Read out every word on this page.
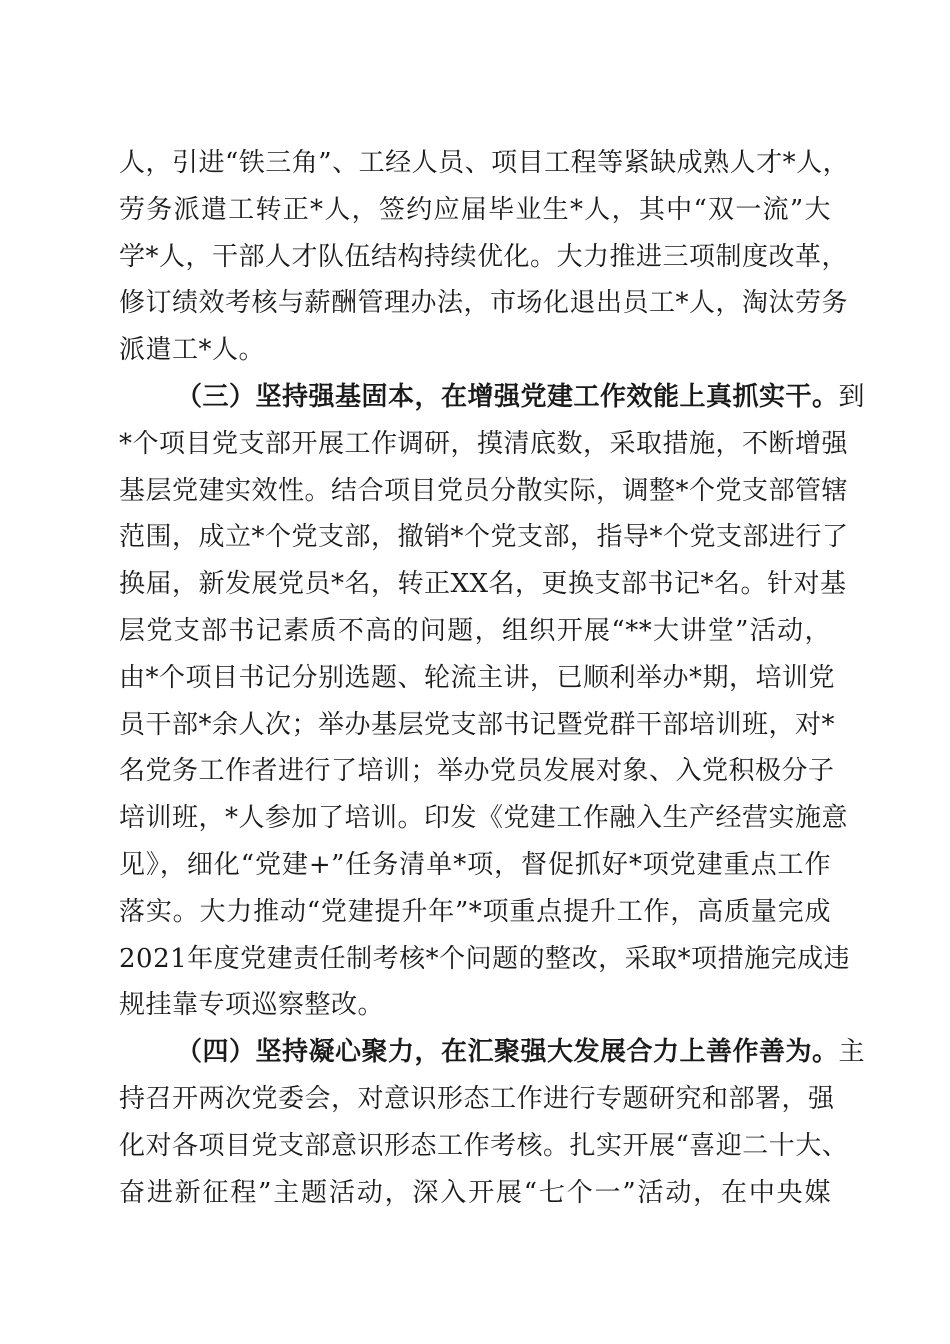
人，引进“铁三角”、工经人员、项目工程等紧缺成熟人才*人，
劳务派遣工转正*人，签约应届毕业生*人，其中“双一流”大
学*人，干部人才队伍结构持续优化。大力推进三项制度改革，
修订绩效考核与薪酬管理办法，市场化退出员工*人，淘汰劳务
派遣工*人。
（三）坚持强基固本，在增强党建工作效能上真抓实干。到
*个项目党支部开展工作调研，摸清底数，采取措施，不断增强
基层党建实效性。结合项目党员分散实际，调整*个党支部管辖
范围，成立*个党支部，撤销*个党支部，指导*个党支部进行了
换届，新发展党员*名，转正XX名，更换支部书记*名。针对基
层党支部书记素质不高的问题，组织开展“**大讲堂”活动，
由*个项目书记分别选题、轮流主讲，已顺利举办*期，培训党
员干部*余人次；举办基层党支部书记暨党群干部培训班，对*
名党务工作者进行了培训；举办党员发展对象、入党积极分子
培训班，*人参加了培训。印发《党建工作融入生产经营实施意
见》，细化“党建+”任务清单*项，督促抓好*项党建重点工作
落实。大力推动“党建提升年”*项重点提升工作，高质量完成
2021年度党建责任制考核*个问题的整改，采取*项措施完成违
规挂靠专项巡察整改。
（四）坚持凝心聚力，在汇聚强大发展合力上善作善为。主
持召开两次党委会，对意识形态工作进行专题研究和部署，强
化对各项目党支部意识形态工作考核。扎实开展“喜迎二十大、
奋进新征程”主题活动，深入开展“七个一”活动，在中央媒
